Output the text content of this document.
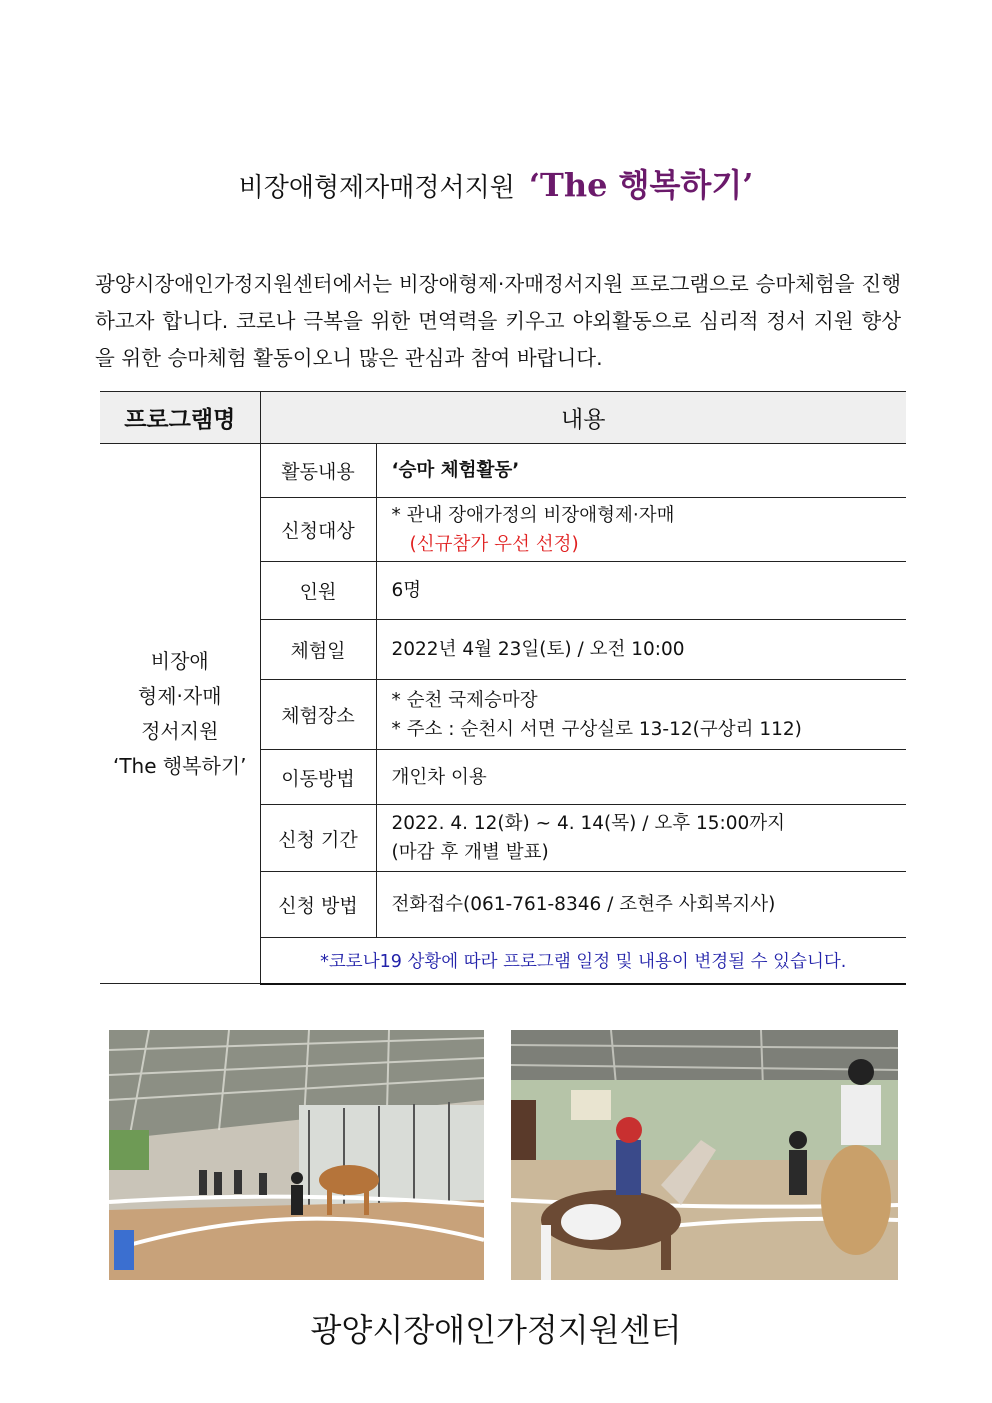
비장애형제자매정서지원 ‘The 행복하기’

광양시장애인가정지원센터에서는 비장애형제·자매정서지원 프로그램으로 승마체험을 진행하고자 합니다. 코로나 극복을 위한 면역력을 키우고 야외활동으로 심리적 정서 지원 향상을 위한 승마체험 활동이오니 많은 관심과 참여 바랍니다.

프로그램명	내용	

비장애
형제·자매
정서지원
‘The 행복하기’	활동내용	‘승마 체험활동’
	신청대상	* 관내 장애가정의 비장애형제·자매
(신규참가 우선 선정)

	인원	6명
	체험일	2022년 4월 23일(토) / 오전 10:00
	체험장소	* 순천 국제승마장
* 주소 : 순천시 서면 구상실로 13-12(구상리 112)

	이동방법	개인차 이용
	신청 기간	2022. 4. 12(화) ~ 4. 14(목) / 오후 15:00까지
(마감 후 개별 발표)

	신청 방법	전화접수(061-761-8346 / 조현주 사회복지사)
	*코로나19 상황에 따라 프로그램 일정 및 내용이 변경될 수 있습니다.	
광양시장애인가정지원센터
